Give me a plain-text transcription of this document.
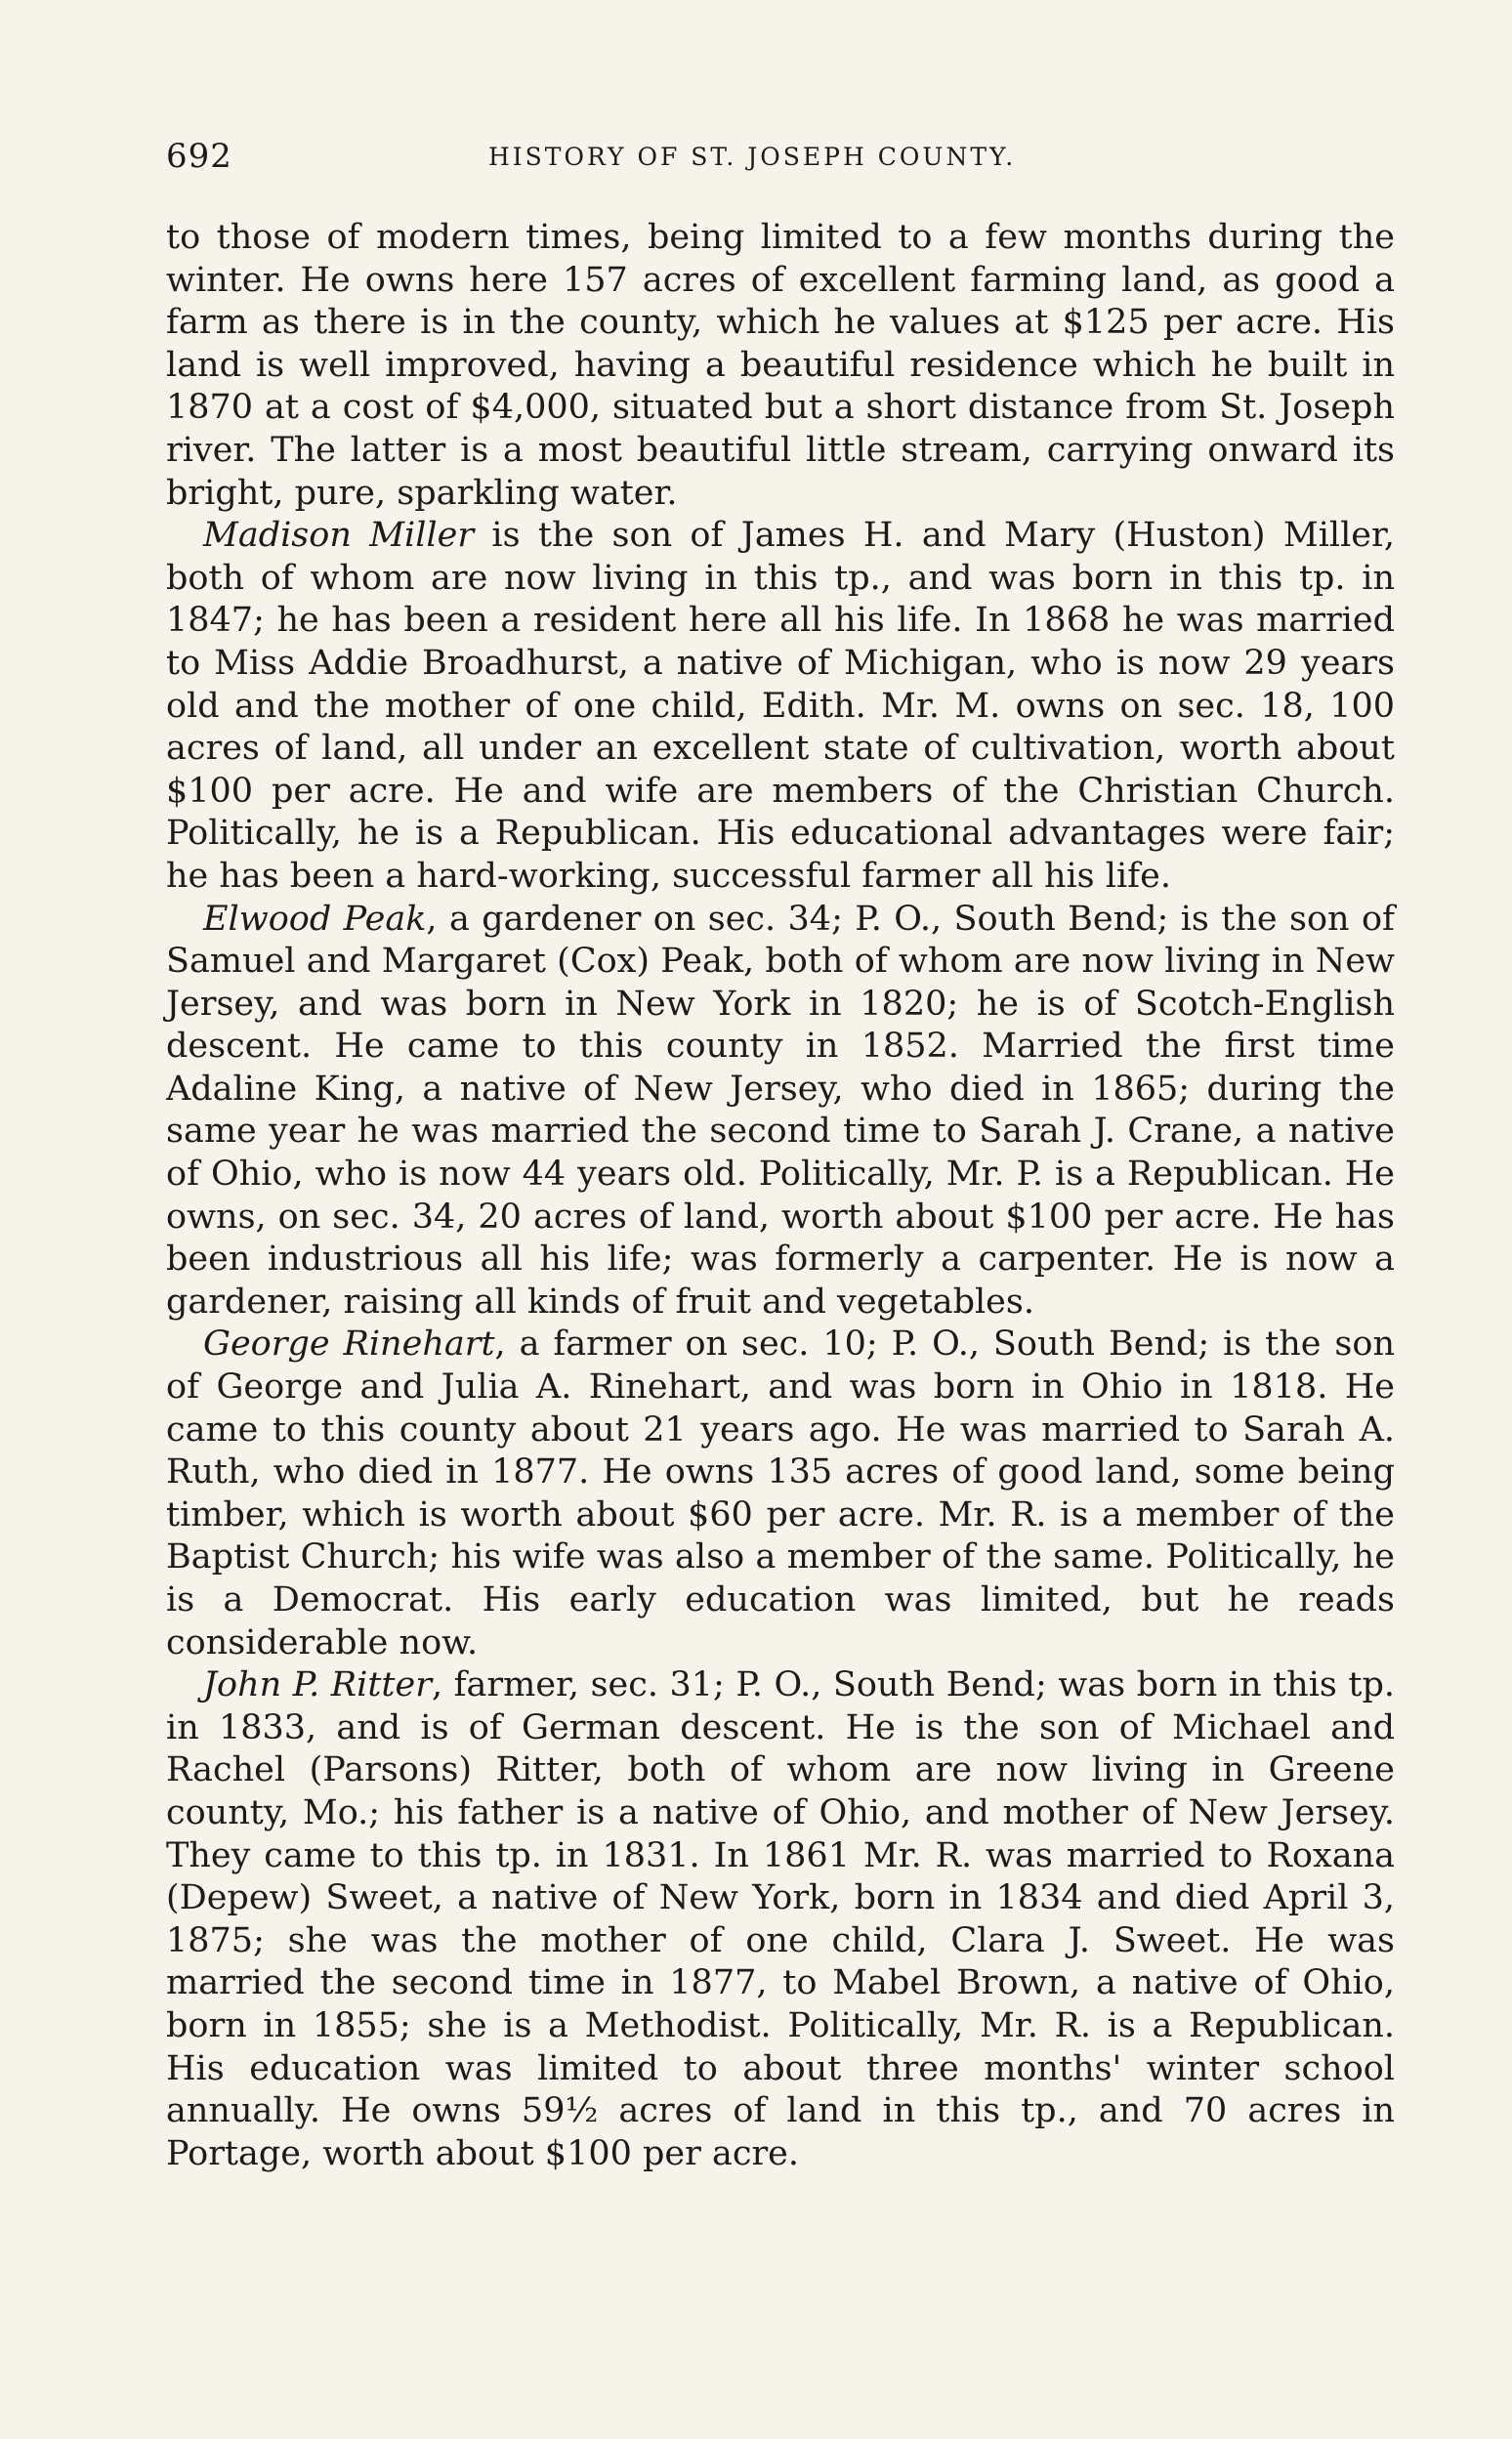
692	HISTORY OF ST. JOSEPH COUNTY.

to those of modern times, being limited to a few months during the winter. He owns here 157 acres of excellent farming land, as good a farm as there is in the county, which he values at $125 per acre. His land is well improved, having a beautiful residence which he built in 1870 at a cost of $4,000, situated but a short distance from St. Joseph river. The latter is a most beautiful little stream, carrying onward its bright, pure, sparkling water.

Madison Miller is the son of James H. and Mary (Huston) Miller, both of whom are now living in this tp., and was born in this tp. in 1847; he has been a resident here all his life. In 1868 he was married to Miss Addie Broadhurst, a native of Michigan, who is now 29 years old and the mother of one child, Edith. Mr. M. owns on sec. 18, 100 acres of land, all under an excellent state of cultivation, worth about $100 per acre. He and wife are members of the Christian Church. Politically, he is a Republican. His educational advantages were fair; he has been a hard-working, successful farmer all his life.

Elwood Peak, a gardener on sec. 34; P. O., South Bend; is the son of Samuel and Margaret (Cox) Peak, both of whom are now living in New Jersey, and was born in New York in 1820; he is of Scotch-English descent. He came to this county in 1852. Married the first time Adaline King, a native of New Jersey, who died in 1865; during the same year he was married the second time to Sarah J. Crane, a native of Ohio, who is now 44 years old. Politically, Mr. P. is a Republican. He owns, on sec. 34, 20 acres of land, worth about $100 per acre. He has been industrious all his life; was formerly a carpenter. He is now a gardener, raising all kinds of fruit and vegetables.

George Rinehart, a farmer on sec. 10; P. O., South Bend; is the son of George and Julia A. Rinehart, and was born in Ohio in 1818. He came to this county about 21 years ago. He was married to Sarah A. Ruth, who died in 1877. He owns 135 acres of good land, some being timber, which is worth about $60 per acre. Mr. R. is a member of the Baptist Church; his wife was also a member of the same. Politically, he is a Democrat. His early education was limited, but he reads considerable now.

John P. Ritter, farmer, sec. 31; P. O., South Bend; was born in this tp. in 1833, and is of German descent. He is the son of Michael and Rachel (Parsons) Ritter, both of whom are now living in Greene county, Mo.; his father is a native of Ohio, and mother of New Jersey. They came to this tp. in 1831. In 1861 Mr. R. was married to Roxana (Depew) Sweet, a native of New York, born in 1834 and died April 3, 1875; she was the mother of one child, Clara J. Sweet. He was married the second time in 1877, to Mabel Brown, a native of Ohio, born in 1855; she is a Methodist. Politically, Mr. R. is a Republican. His education was limited to about three months' winter school annually. He owns 59½ acres of land in this tp., and 70 acres in Portage, worth about $100 per acre.
